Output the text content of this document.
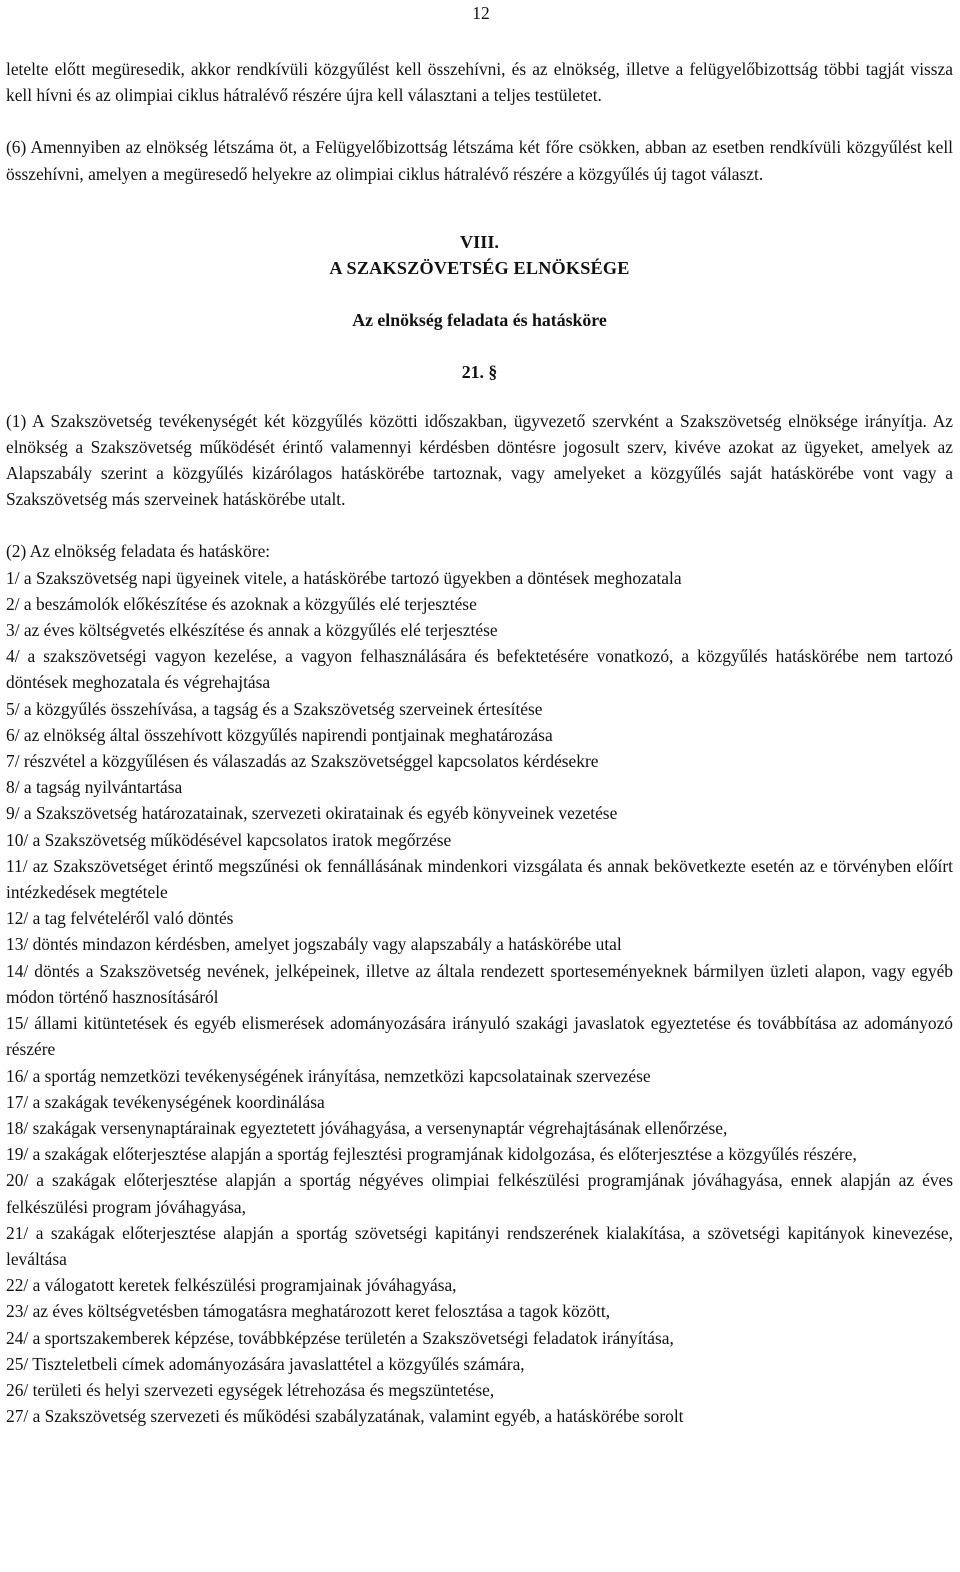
12

letelte előtt megüresedik, akkor rendkívüli közgyűlést kell összehívni, és az elnökség, illetve a felügyelőbizottság többi tagját vissza kell hívni és az olimpiai ciklus hátralévő részére újra kell választani a teljes testületet.

(6) Amennyiben az elnökség létszáma öt, a Felügyelőbizottság létszáma két főre csökken, abban az esetben rendkívüli közgyűlést kell összehívni, amelyen a megüresedő helyekre az olimpiai ciklus hátralévő részére a közgyűlés új tagot választ.

VIII.

A SZAKSZÖVETSÉG ELNÖKSÉGE

Az elnökség feladata és hatásköre

21. §

(1) A Szakszövetség tevékenységét két közgyűlés közötti időszakban, ügyvezető szervként a Szakszövetség elnöksége irányítja. Az elnökség a Szakszövetség működését érintő valamennyi kérdésben döntésre jogosult szerv, kivéve azokat az ügyeket, amelyek az Alapszabály szerint a közgyűlés kizárólagos hatáskörébe tartoznak, vagy amelyeket a közgyűlés saját hatáskörébe vont vagy a Szakszövetség más szerveinek hatáskörébe utalt.

(2) Az elnökség feladata és hatásköre:

1/ a Szakszövetség napi ügyeinek vitele, a hatáskörébe tartozó ügyekben a döntések meghozatala
2/ a beszámolók előkészítése és azoknak a közgyűlés elé terjesztése
3/ az éves költségvetés elkészítése és annak a közgyűlés elé terjesztése
4/ a szakszövetségi vagyon kezelése, a vagyon felhasználására és befektetésére vonatkozó, a közgyűlés hatáskörébe nem tartozó döntések meghozatala és végrehajtása
5/ a közgyűlés összehívása, a tagság és a Szakszövetség szerveinek értesítése
6/ az elnökség által összehívott közgyűlés napirendi pontjainak meghatározása
7/ részvétel a közgyűlésen és válaszadás az Szakszövetséggel kapcsolatos kérdésekre
8/ a tagság nyilvántartása
9/ a Szakszövetség határozatainak, szervezeti okiratainak és egyéb könyveinek vezetése
10/ a Szakszövetség működésével kapcsolatos iratok megőrzése
11/ az Szakszövetséget érintő megszűnési ok fennállásának mindenkori vizsgálata és annak bekövetkezte esetén az e törvényben előírt intézkedések megtétele
12/ a tag felvételéről való döntés
13/ döntés mindazon kérdésben, amelyet jogszabály vagy alapszabály a hatáskörébe utal
14/ döntés a Szakszövetség nevének, jelképeinek, illetve az általa rendezett sporteseményeknek bármilyen üzleti alapon, vagy egyéb módon történő hasznosításáról
15/ állami kitüntetések és egyéb elismerések adományozására irányuló szakági javaslatok egyeztetése és továbbítása az adományozó részére
16/ a sportág nemzetközi tevékenységének irányítása, nemzetközi kapcsolatainak szervezése
17/ a szakágak tevékenységének koordinálása
18/ szakágak versenynaptárainak egyeztetett jóváhagyása, a versenynaptár végrehajtásának ellenőrzése,
19/ a szakágak előterjesztése alapján a sportág fejlesztési programjának kidolgozása, és előterjesztése a közgyűlés részére,
20/ a szakágak előterjesztése alapján a sportág négyéves olimpiai felkészülési programjának jóváhagyása, ennek alapján az éves felkészülési program jóváhagyása,
21/ a szakágak előterjesztése alapján a sportág szövetségi kapitányi rendszerének kialakítása, a szövetségi kapitányok kinevezése, leváltása
22/ a válogatott keretek felkészülési programjainak jóváhagyása,
23/ az éves költségvetésben támogatásra meghatározott keret felosztása a tagok között,
24/ a sportszakemberek képzése, továbbképzése területén a Szakszövetségi feladatok irányítása,
25/ Tiszteletbeli címek adományozására javaslattétel a közgyűlés számára,
26/ területi és helyi szervezeti egységek létrehozása és megszüntetése,
27/ a Szakszövetség szervezeti és működési szabályzatának, valamint egyéb, a hatáskörébe sorolt
